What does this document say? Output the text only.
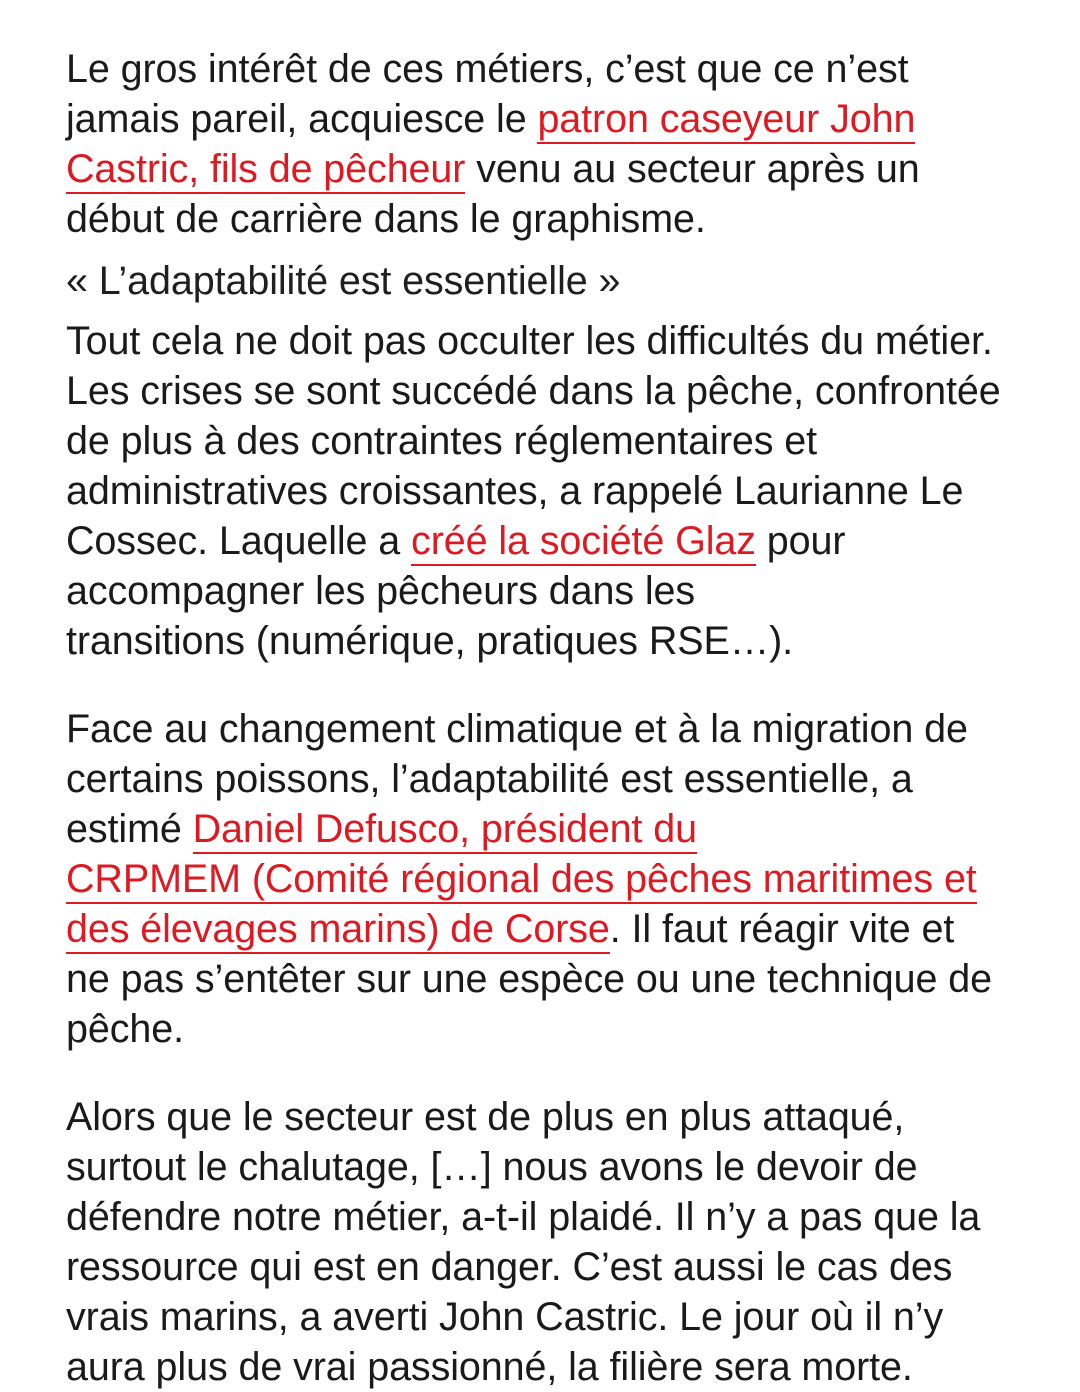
Le gros intérêt de ces métiers, c’est que ce n’est jamais pareil, acquiesce le patron caseyeur John Castric, fils de pêcheur venu au secteur après un début de carrière dans le graphisme.

« L’adaptabilité est essentielle »

Tout cela ne doit pas occulter les difficultés du métier. Les crises se sont succédé dans la pêche, confrontée de plus à des contraintes réglementaires et administratives croissantes, a rappelé Laurianne Le Cossec. Laquelle a créé la société Glaz pour accompagner les pêcheurs dans les
transitions (numérique, pratiques RSE…).

Face au changement climatique et à la migration de certains poissons, l’adaptabilité est essentielle, a estimé Daniel Defusco, président du
CRPMEM (Comité régional des pêches maritimes et des élevages marins) de Corse. Il faut réagir vite et ne pas s’entêter sur une espèce ou une technique de pêche.

Alors que le secteur est de plus en plus attaqué, surtout le chalutage, […] nous avons le devoir de défendre notre métier, a-t-il plaidé. Il n’y a pas que la ressource qui est en danger. C’est aussi le cas des vrais marins, a averti John Castric. Le jour où il n’y aura plus de vrai passionné, la filière sera morte.
